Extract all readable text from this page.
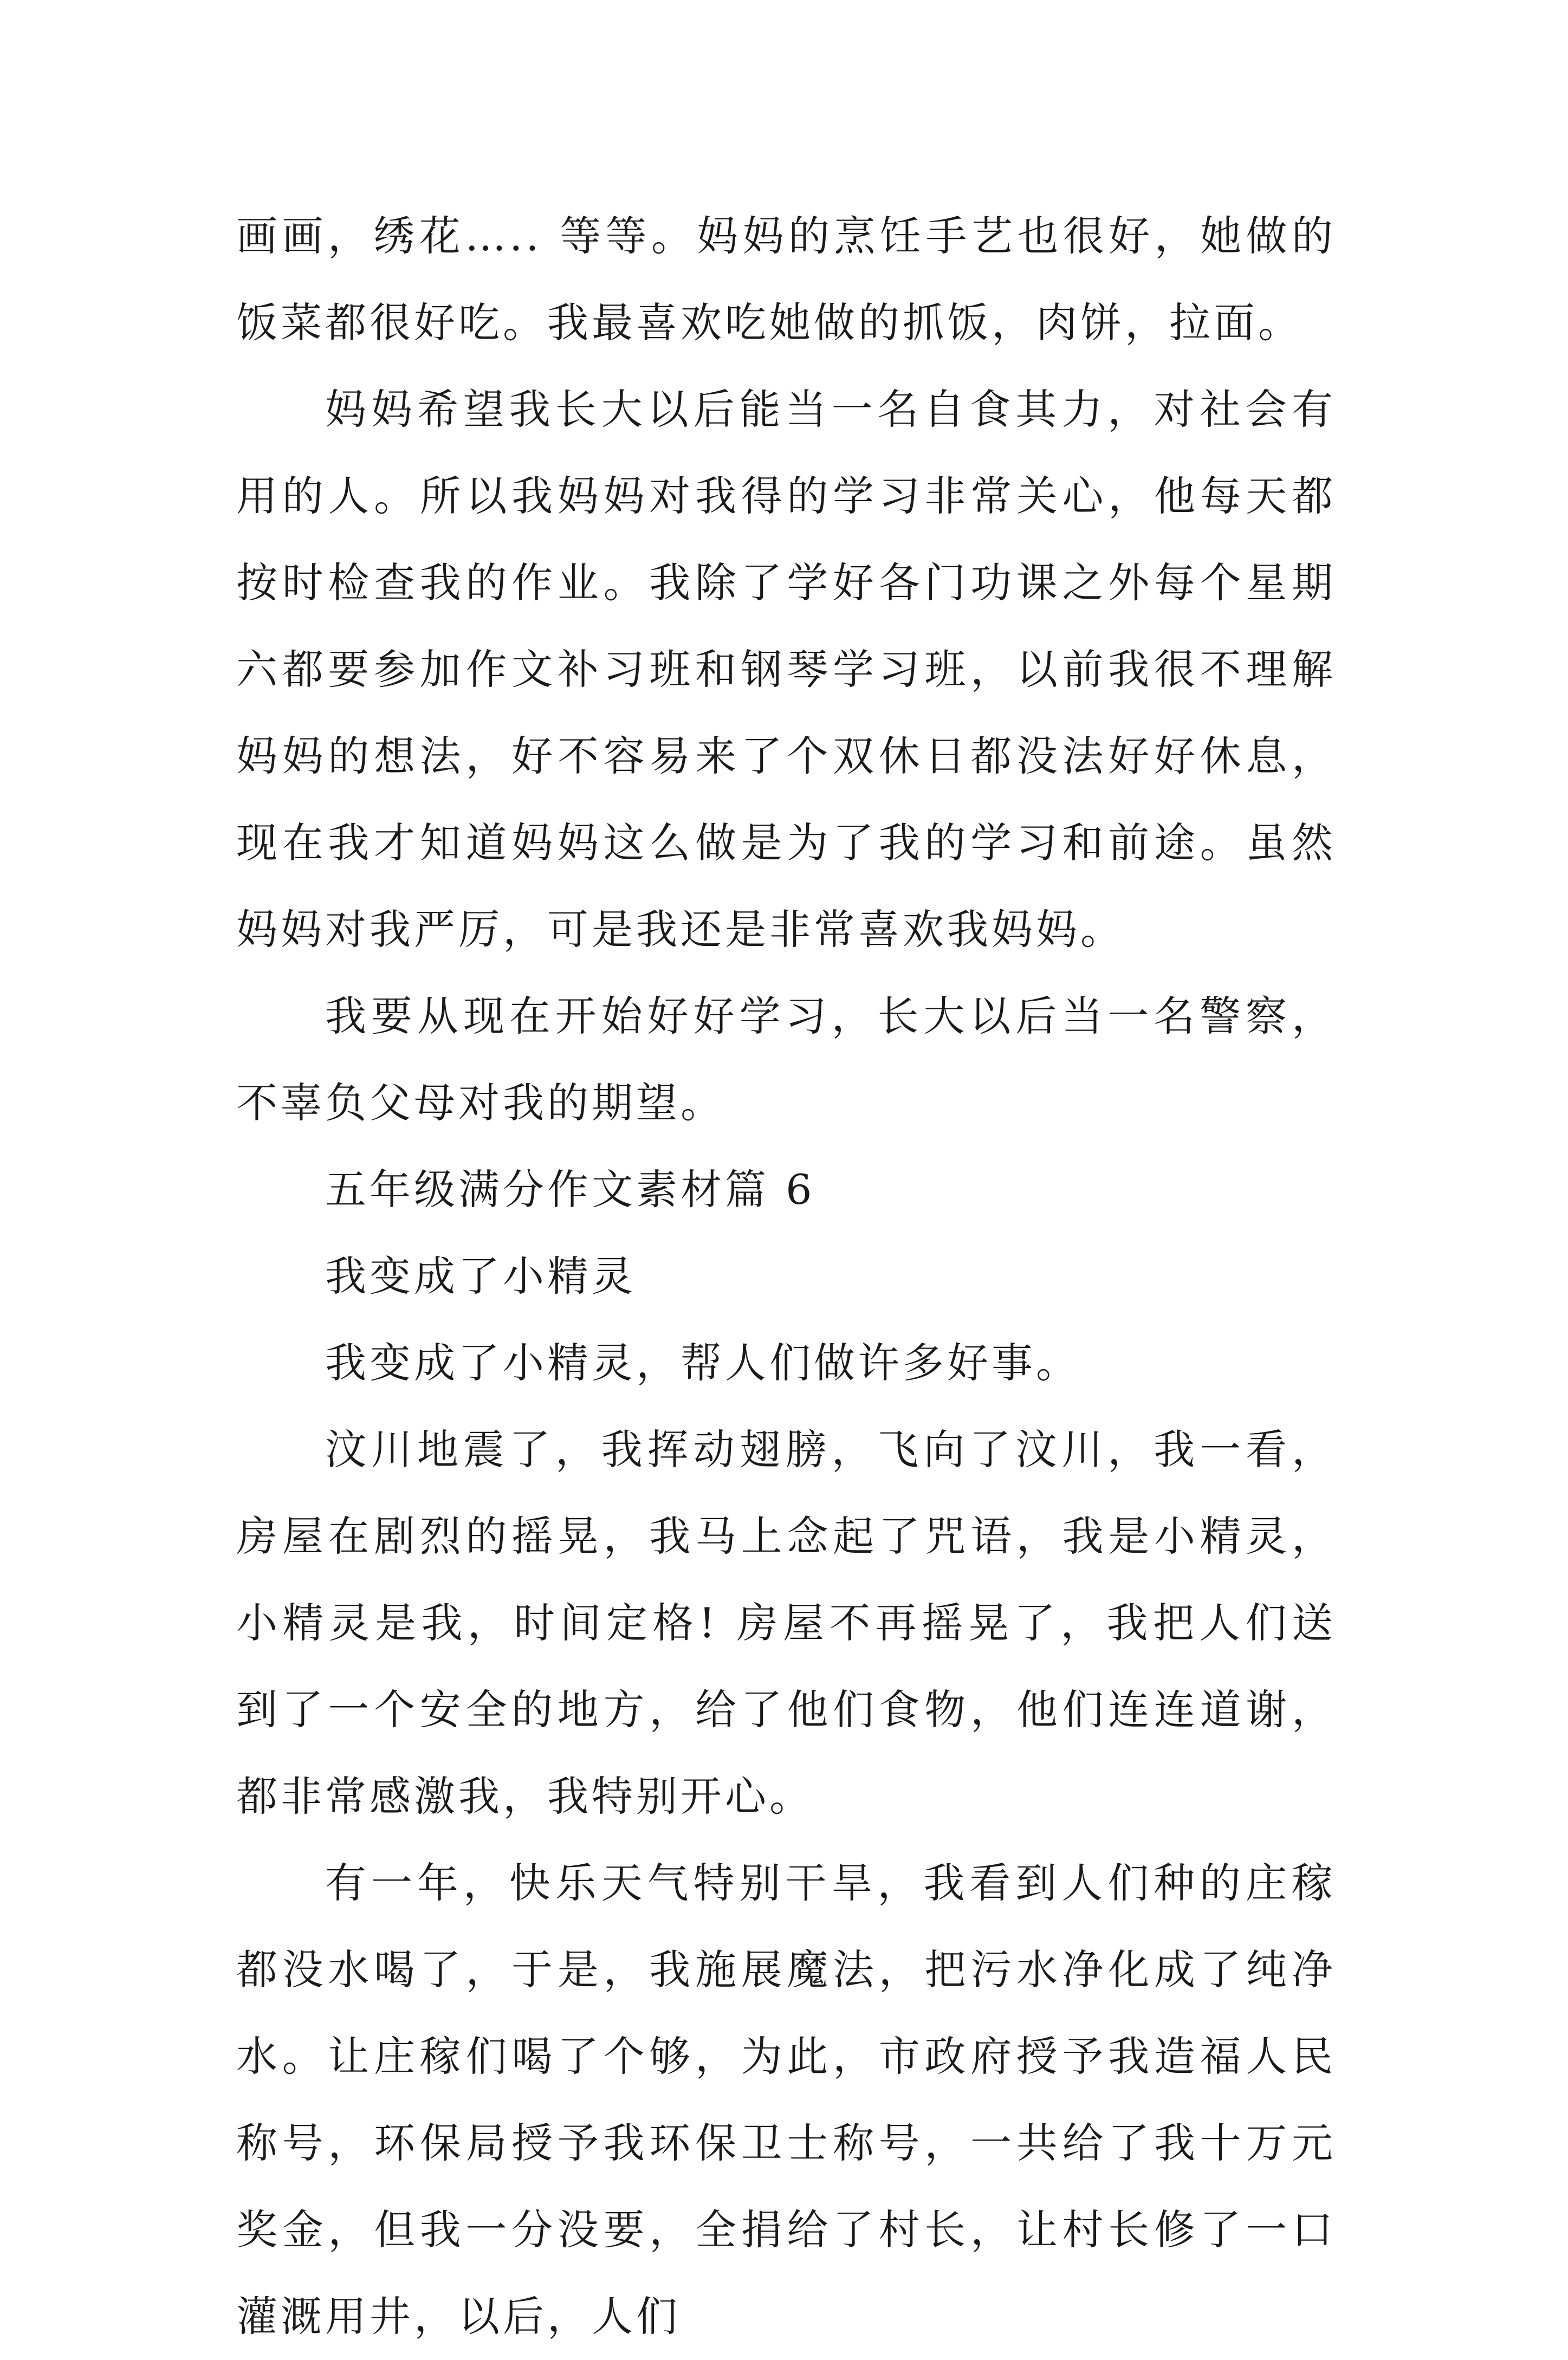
画画，绣花….. 等等。妈妈的烹饪手艺也很好，她做的饭菜都很好吃。我最喜欢吃她做的抓饭，肉饼，拉面。

妈妈希望我长大以后能当一名自食其力，对社会有用的人。所以我妈妈对我得的学习非常关心，他每天都按时检查我的作业。我除了学好各门功课之外每个星期六都要参加作文补习班和钢琴学习班，以前我很不理解妈妈的想法，好不容易来了个双休日都没法好好休息，现在我才知道妈妈这么做是为了我的学习和前途。虽然妈妈对我严厉，可是我还是非常喜欢我妈妈。

我要从现在开始好好学习，长大以后当一名警察，不辜负父母对我的期望。

五年级满分作文素材篇 6

我变成了小精灵

我变成了小精灵，帮人们做许多好事。

汶川地震了，我挥动翅膀，飞向了汶川，我一看，房屋在剧烈的摇晃，我马上念起了咒语，我是小精灵，小精灵是我，时间定格! 房屋不再摇晃了，我把人们送到了一个安全的地方，给了他们食物，他们连连道谢，都非常感激我，我特别开心。

有一年，快乐天气特别干旱，我看到人们种的庄稼都没水喝了，于是，我施展魔法，把污水净化成了纯净水。让庄稼们喝了个够，为此，市政府授予我造福人民称号，环保局授予我环保卫士称号，一共给了我十万元奖金，但我一分没要，全捐给了村长，让村长修了一口灌溉用井，以后，人们
